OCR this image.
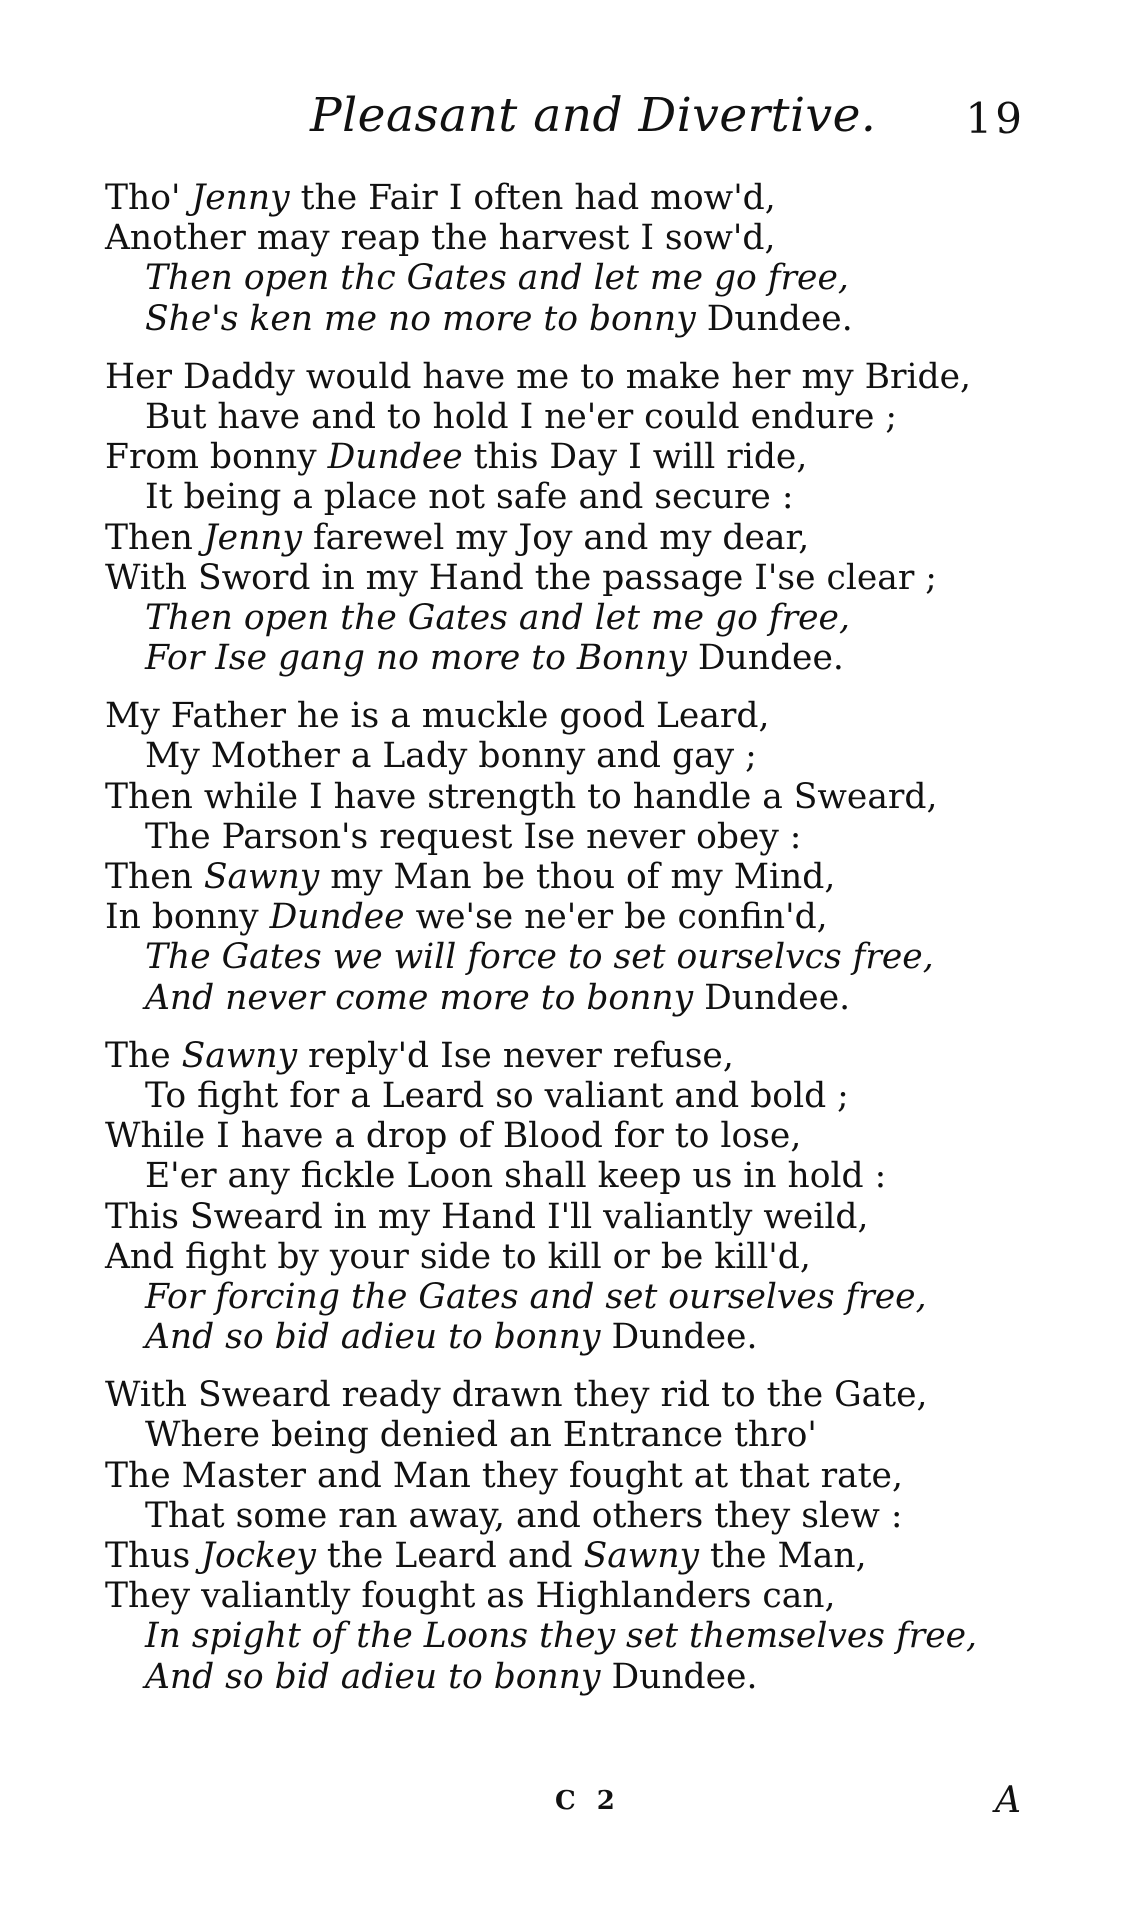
Pleasant and Divertive. 19
Tho' Jenny the Fair I often had mow'd,
Another may reap the harvest I sow'd,
Then open thc Gates and let me go free,
She's ken me no more to bonny Dundee.
Her Daddy would have me to make her my Bride,
But have and to hold I ne'er could endure ;
From bonny Dundee this Day I will ride,
It being a place not safe and secure :
Then Jenny farewel my Joy and my dear,
With Sword in my Hand the passage I'se clear ;
Then open the Gates and let me go free,
For Ise gang no more to Bonny Dundee.
My Father he is a muckle good Leard,
My Mother a Lady bonny and gay ;
Then while I have strength to handle a Sweard,
The Parson's request Ise never obey :
Then Sawny my Man be thou of my Mind,
In bonny Dundee we'se ne'er be confin'd,
The Gates we will force to set ourselvcs free,
And never come more to bonny Dundee.
The Sawny reply'd Ise never refuse,
To fight for a Leard so valiant and bold ;
While I have a drop of Blood for to lose,
E'er any fickle Loon shall keep us in hold :
This Sweard in my Hand I'll valiantly weild,
And fight by your side to kill or be kill'd,
For forcing the Gates and set ourselves free,
And so bid adieu to bonny Dundee.
With Sweard ready drawn they rid to the Gate,
Where being denied an Entrance thro'
The Master and Man they fought at that rate,
That some ran away, and others they slew :
Thus Jockey the Leard and Sawny the Man,
They valiantly fought as Highlanders can,
In spight of the Loons they set themselves free,
And so bid adieu to bonny Dundee.
C 2	A
